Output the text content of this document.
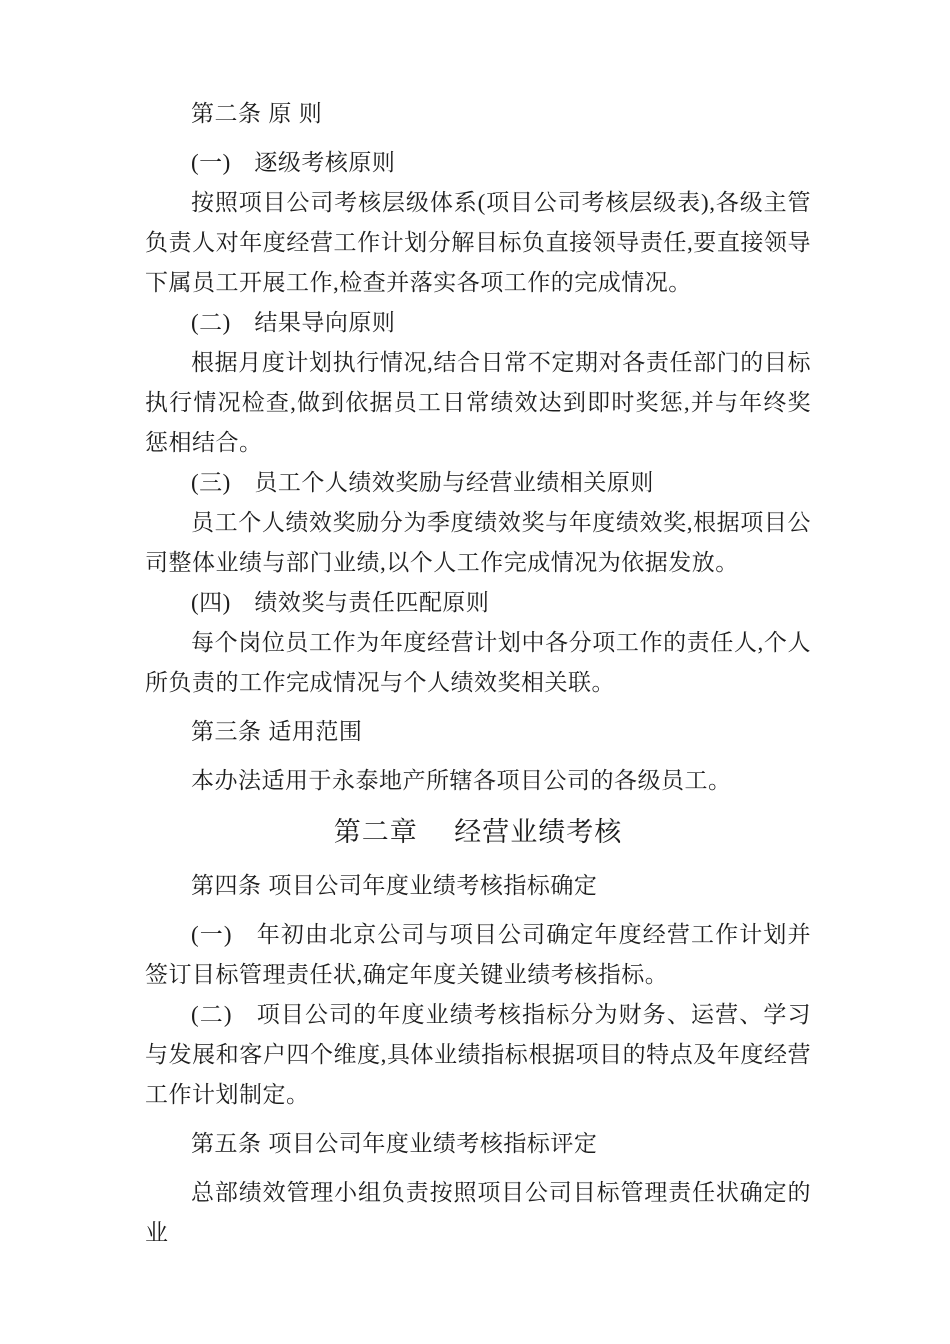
第二条 原 则

(一)　逐级考核原则

按照项目公司考核层级体系(项目公司考核层级表),各级主管负责人对年度经营工作计划分解目标负直接领导责任,要直接领导下属员工开展工作,检查并落实各项工作的完成情况。

(二)　结果导向原则

根据月度计划执行情况,结合日常不定期对各责任部门的目标执行情况检查,做到依据员工日常绩效达到即时奖惩,并与年终奖惩相结合。

(三)　员工个人绩效奖励与经营业绩相关原则

员工个人绩效奖励分为季度绩效奖与年度绩效奖,根据项目公司整体业绩与部门业绩,以个人工作完成情况为依据发放。

(四)　绩效奖与责任匹配原则

每个岗位员工作为年度经营计划中各分项工作的责任人,个人所负责的工作完成情况与个人绩效奖相关联。

第三条 适用范围

本办法适用于永泰地产所辖各项目公司的各级员工。

第二章　 经营业绩考核
第四条 项目公司年度业绩考核指标确定

(一)　年初由北京公司与项目公司确定年度经营工作计划并签订目标管理责任状,确定年度关键业绩考核指标。

(二)　项目公司的年度业绩考核指标分为财务、运营、学习与发展和客户四个维度,具体业绩指标根据项目的特点及年度经营工作计划制定。

第五条 项目公司年度业绩考核指标评定

总部绩效管理小组负责按照项目公司目标管理责任状确定的业
